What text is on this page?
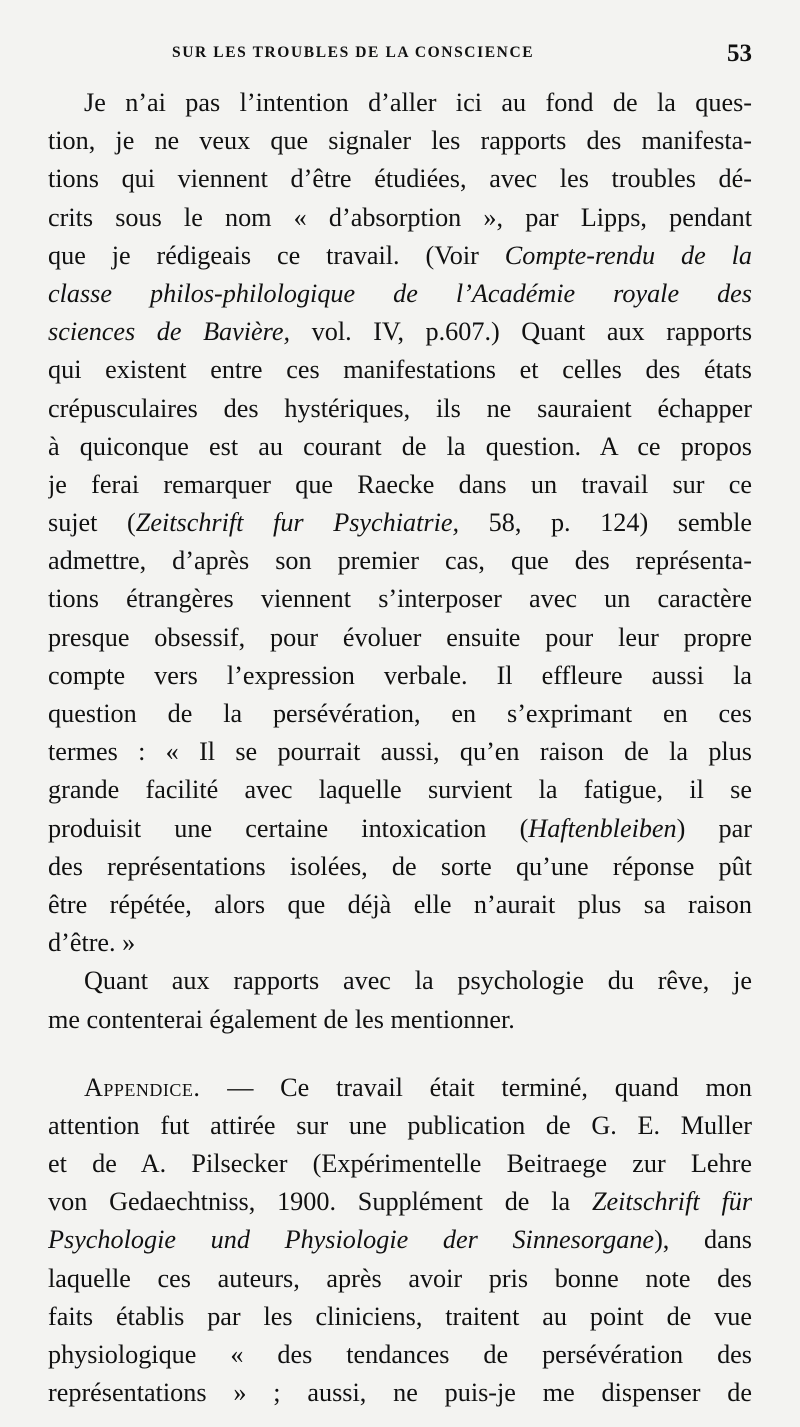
SUR LES TROUBLES DE LA CONSCIENCE	53
Je n’ai pas l’intention d’aller ici au fond de la ques-
tion, je ne veux que signaler les rapports des manifesta-
tions qui viennent d’être étudiées, avec les troubles dé-
crits sous le nom « d’absorption », par Lipps, pendant
que je rédigeais ce travail. (Voir Compte-rendu de la
classe philos-philologique de l’Académie royale des
sciences de Bavière, vol. IV, p.607.) Quant aux rapports
qui existent entre ces manifestations et celles des états
crépusculaires des hystériques, ils ne sauraient échapper
à quiconque est au courant de la question. A ce propos
je ferai remarquer que Raecke dans un travail sur ce
sujet (Zeitschrift fur Psychiatrie, 58, p. 124) semble
admettre, d’après son premier cas, que des représenta-
tions étrangères viennent s’interposer avec un caractère
presque obsessif, pour évoluer ensuite pour leur propre
compte vers l’expression verbale. Il effleure aussi la
question de la persévération, en s’exprimant en ces
termes : « Il se pourrait aussi, qu’en raison de la plus
grande facilité avec laquelle survient la fatigue, il se
produisit une certaine intoxication (Haftenbleiben) par
des représentations isolées, de sorte qu’une réponse pût
être répétée, alors que déjà elle n’aurait plus sa raison
d’être. »
Quant aux rapports avec la psychologie du rêve, je
me contenterai également de les mentionner.
Appendice. — Ce travail était terminé, quand mon
attention fut attirée sur une publication de G. E. Muller
et de A. Pilsecker (Expérimentelle Beitraege zur Lehre
von Gedaechtniss, 1900. Supplément de la Zeitschrift für
Psychologie und Physiologie der Sinnesorgane), dans
laquelle ces auteurs, après avoir pris bonne note des
faits établis par les cliniciens, traitent au point de vue
physiologique « des tendances de persévération des
représentations » ; aussi, ne puis-je me dispenser de
